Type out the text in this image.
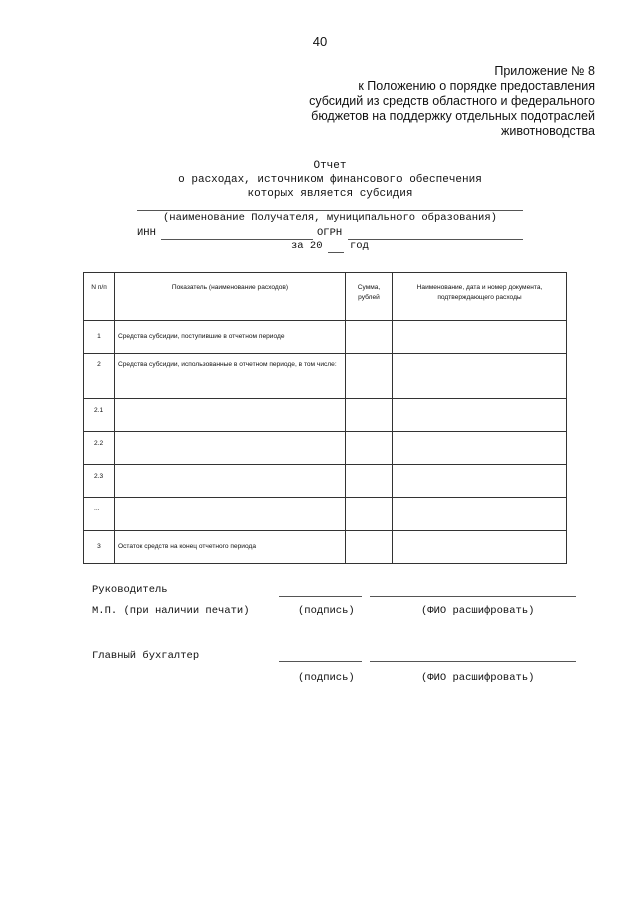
40
Приложение № 8
к Положению о порядке предоставления
субсидий из средств областного и федерального
бюджетов на поддержку отдельных подотраслей
животноводства
Отчет
о расходах, источником финансового обеспечения
которых является субсидия
(наименование Получателя, муниципального образования)
ИНН	ОГРН
за 20	год
N п/п	Показатель (наименование расходов)	Сумма, рублей	Наименование, дата и номер документа, подтверждающего расходы
1	Средства субсидии, поступившие в отчетном периоде		
2	Средства субсидии, использованные в отчетном периоде, в том числе:		
2.1			
2.2			
2.3			
...			
3	Остаток средств на конец отчетного периода		
Руководитель
М.П. (при наличии печати)	(подпись)	(ФИО расшифровать)
Главный бухгалтер
(подпись)	(ФИО расшифровать)
